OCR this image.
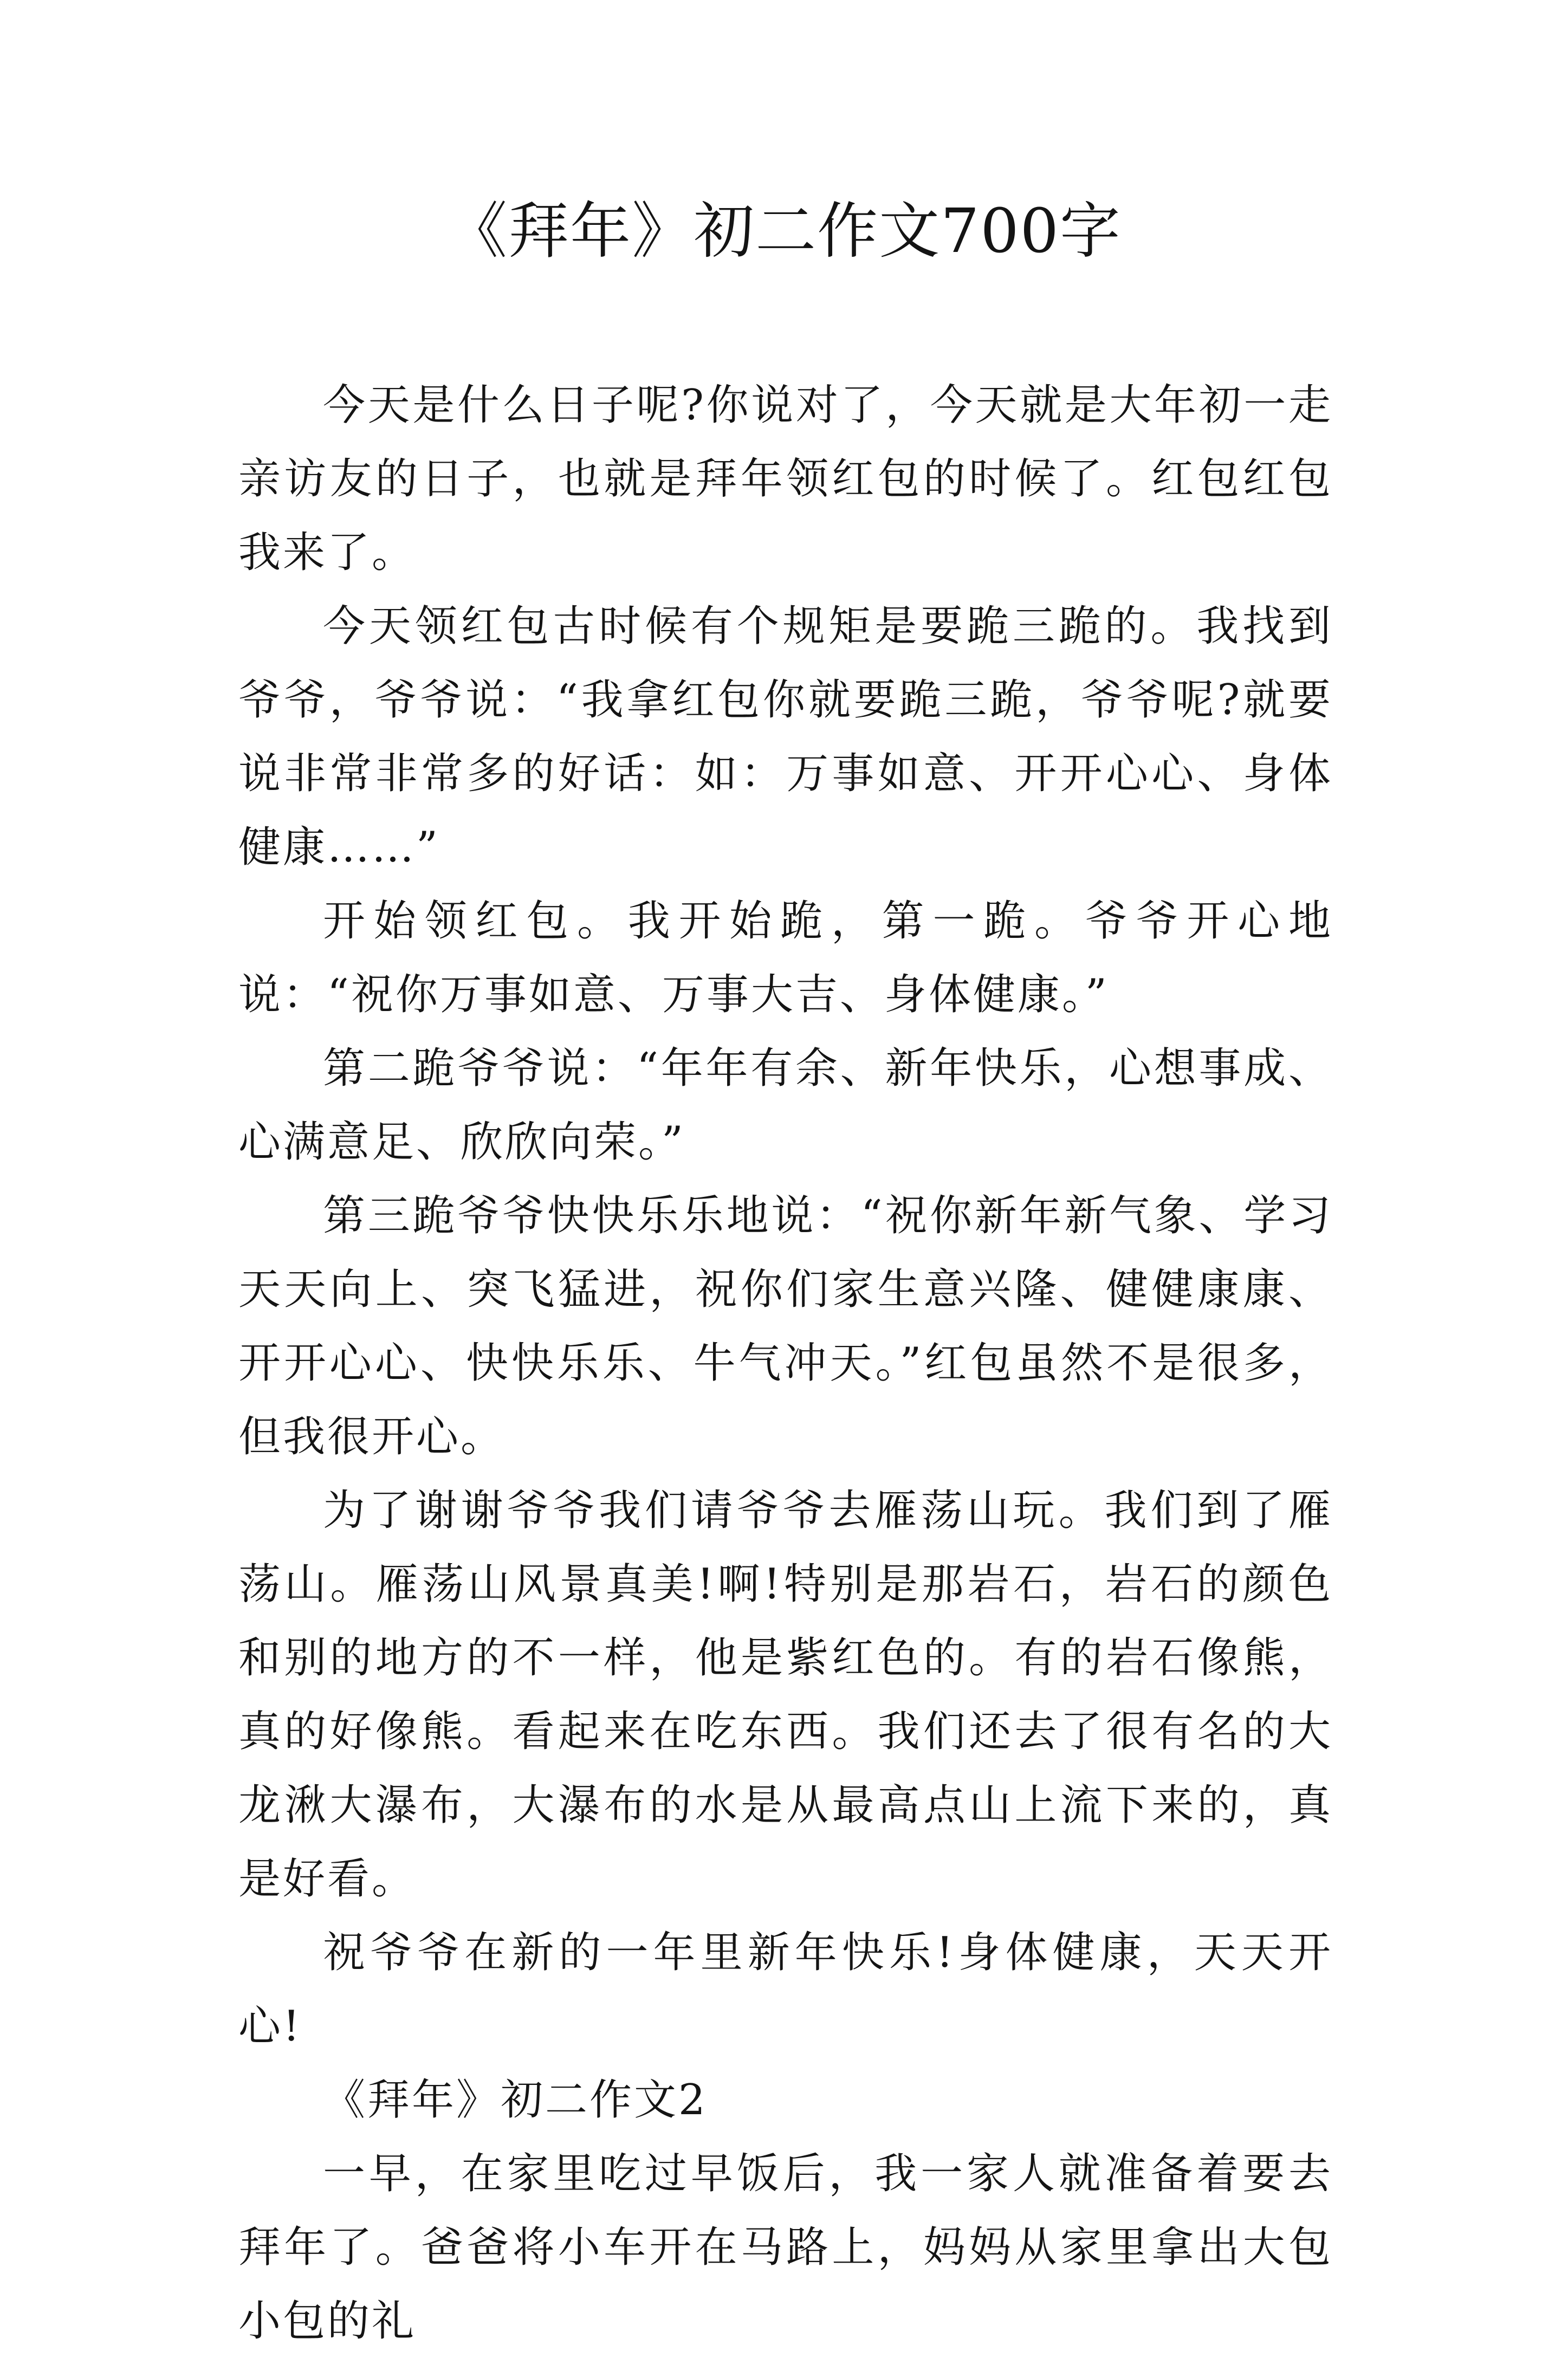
《拜年》初二作文700字

今天是什么日子呢?你说对了，今天就是大年初一走亲访友的日子，也就是拜年领红包的时候了。红包红包我来了。

今天领红包古时候有个规矩是要跪三跪的。我找到爷爷，爷爷说：“我拿红包你就要跪三跪，爷爷呢?就要说非常非常多的好话：如：万事如意、开开心心、身体健康……”

开始领红包。我开始跪，第一跪。爷爷开心地说：“祝你万事如意、万事大吉、身体健康。”

第二跪爷爷说：“年年有余、新年快乐，心想事成、心满意足、欣欣向荣。”

第三跪爷爷快快乐乐地说：“祝你新年新气象、学习天天向上、突飞猛进，祝你们家生意兴隆、健健康康、开开心心、快快乐乐、牛气冲天。”红包虽然不是很多，但我很开心。

为了谢谢爷爷我们请爷爷去雁荡山玩。我们到了雁荡山。雁荡山风景真美!啊!特别是那岩石，岩石的颜色和别的地方的不一样，他是紫红色的。有的岩石像熊，真的好像熊。看起来在吃东西。我们还去了很有名的大龙湫大瀑布，大瀑布的水是从最高点山上流下来的，真是好看。

祝爷爷在新的一年里新年快乐!身体健康，天天开心!

《拜年》初二作文2

一早，在家里吃过早饭后，我一家人就准备着要去拜年了。爸爸将小车开在马路上，妈妈从家里拿出大包小包的礼
